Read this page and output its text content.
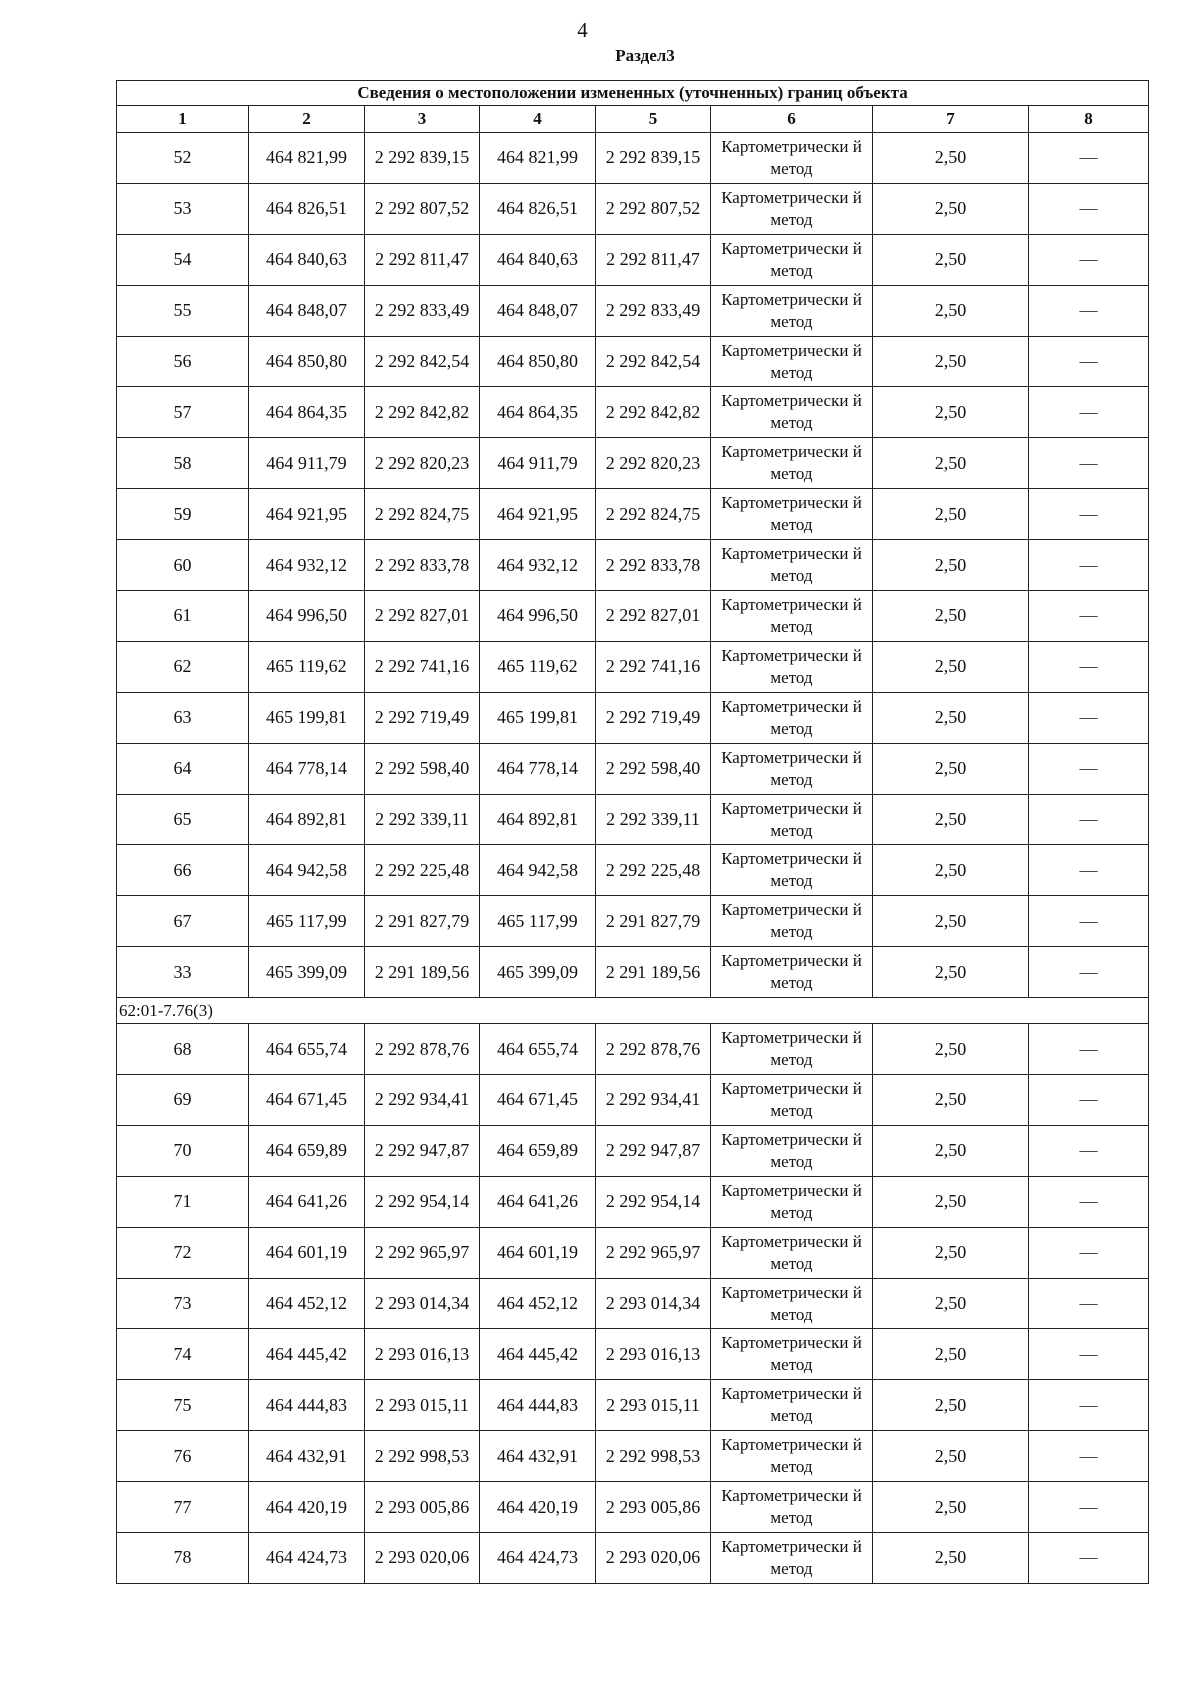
4
Раздел3
Сведения о местоположении измененных (уточненных) границ объекта							
1	2	3	4	5	6	7	8
52	464 821,99	2 292 839,15	464 821,99	2 292 839,15	Картометрически й метод	2,50	—
53	464 826,51	2 292 807,52	464 826,51	2 292 807,52	Картометрически й метод	2,50	—
54	464 840,63	2 292 811,47	464 840,63	2 292 811,47	Картометрически й метод	2,50	—
55	464 848,07	2 292 833,49	464 848,07	2 292 833,49	Картометрически й метод	2,50	—
56	464 850,80	2 292 842,54	464 850,80	2 292 842,54	Картометрически й метод	2,50	—
57	464 864,35	2 292 842,82	464 864,35	2 292 842,82	Картометрически й метод	2,50	—
58	464 911,79	2 292 820,23	464 911,79	2 292 820,23	Картометрически й метод	2,50	—
59	464 921,95	2 292 824,75	464 921,95	2 292 824,75	Картометрически й метод	2,50	—
60	464 932,12	2 292 833,78	464 932,12	2 292 833,78	Картометрически й метод	2,50	—
61	464 996,50	2 292 827,01	464 996,50	2 292 827,01	Картометрически й метод	2,50	—
62	465 119,62	2 292 741,16	465 119,62	2 292 741,16	Картометрически й метод	2,50	—
63	465 199,81	2 292 719,49	465 199,81	2 292 719,49	Картометрически й метод	2,50	—
64	464 778,14	2 292 598,40	464 778,14	2 292 598,40	Картометрически й метод	2,50	—
65	464 892,81	2 292 339,11	464 892,81	2 292 339,11	Картометрически й метод	2,50	—
66	464 942,58	2 292 225,48	464 942,58	2 292 225,48	Картометрически й метод	2,50	—
67	465 117,99	2 291 827,79	465 117,99	2 291 827,79	Картометрически й метод	2,50	—
33	465 399,09	2 291 189,56	465 399,09	2 291 189,56	Картометрически й метод	2,50	—
62:01-7.76(3)							
68	464 655,74	2 292 878,76	464 655,74	2 292 878,76	Картометрически й метод	2,50	—
69	464 671,45	2 292 934,41	464 671,45	2 292 934,41	Картометрически й метод	2,50	—
70	464 659,89	2 292 947,87	464 659,89	2 292 947,87	Картометрически й метод	2,50	—
71	464 641,26	2 292 954,14	464 641,26	2 292 954,14	Картометрически й метод	2,50	—
72	464 601,19	2 292 965,97	464 601,19	2 292 965,97	Картометрически й метод	2,50	—
73	464 452,12	2 293 014,34	464 452,12	2 293 014,34	Картометрически й метод	2,50	—
74	464 445,42	2 293 016,13	464 445,42	2 293 016,13	Картометрически й метод	2,50	—
75	464 444,83	2 293 015,11	464 444,83	2 293 015,11	Картометрически й метод	2,50	—
76	464 432,91	2 292 998,53	464 432,91	2 292 998,53	Картометрически й метод	2,50	—
77	464 420,19	2 293 005,86	464 420,19	2 293 005,86	Картометрически й метод	2,50	—
78	464 424,73	2 293 020,06	464 424,73	2 293 020,06	Картометрически й метод	2,50	—
